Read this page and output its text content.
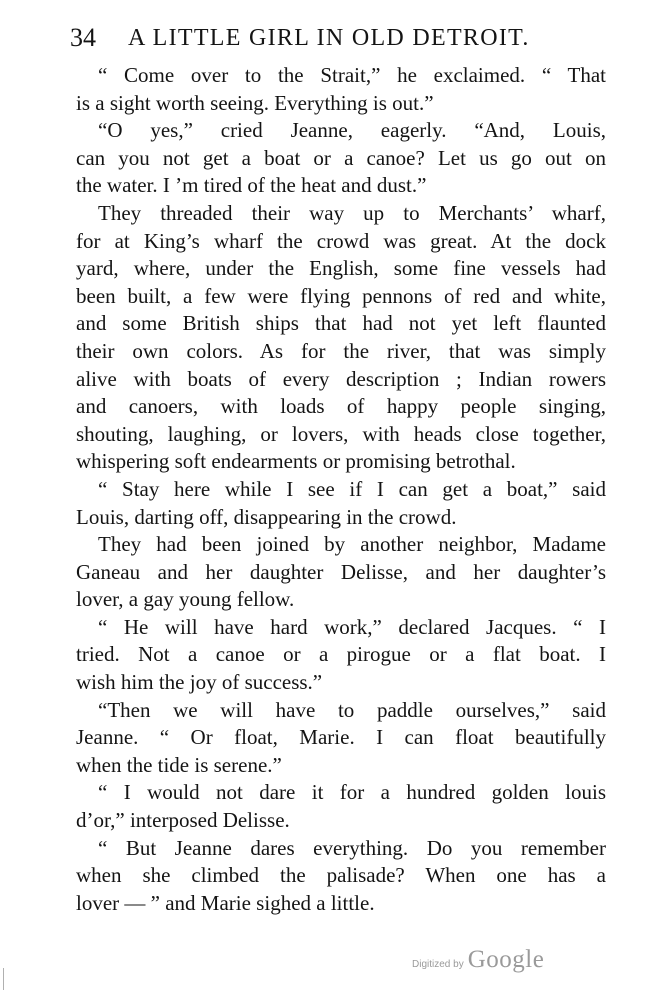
34 A LITTLE GIRL IN OLD DETROIT.
“ Come over to the Strait,” he exclaimed. “ That
is a sight worth seeing. Everything is out.”
“O yes,” cried Jeanne, eagerly. “And, Louis,
can you not get a boat or a canoe? Let us go out on
the water. I ’m tired of the heat and dust.”
They threaded their way up to Merchants’ wharf,
for at King’s wharf the crowd was great. At the dock
yard, where, under the English, some fine vessels had
been built, a few were flying pennons of red and white,
and some British ships that had not yet left flaunted
their own colors. As for the river, that was simply
alive with boats of every description ; Indian rowers
and canoers, with loads of happy people singing,
shouting, laughing, or lovers, with heads close together,
whispering soft endearments or promising betrothal.
“ Stay here while I see if I can get a boat,” said
Louis, darting off, disappearing in the crowd.
They had been joined by another neighbor, Madame
Ganeau and her daughter Delisse, and her daughter’s
lover, a gay young fellow.
“ He will have hard work,” declared Jacques. “ I
tried. Not a canoe or a pirogue or a flat boat. I
wish him the joy of success.”
“Then we will have to paddle ourselves,” said
Jeanne. “ Or float, Marie. I can float beautifully
when the tide is serene.”
“ I would not dare it for a hundred golden louis
d’or,” interposed Delisse.
“ But Jeanne dares everything. Do you remember
when she climbed the palisade? When one has a
lover — ” and Marie sighed a little.
Digitized by Google
